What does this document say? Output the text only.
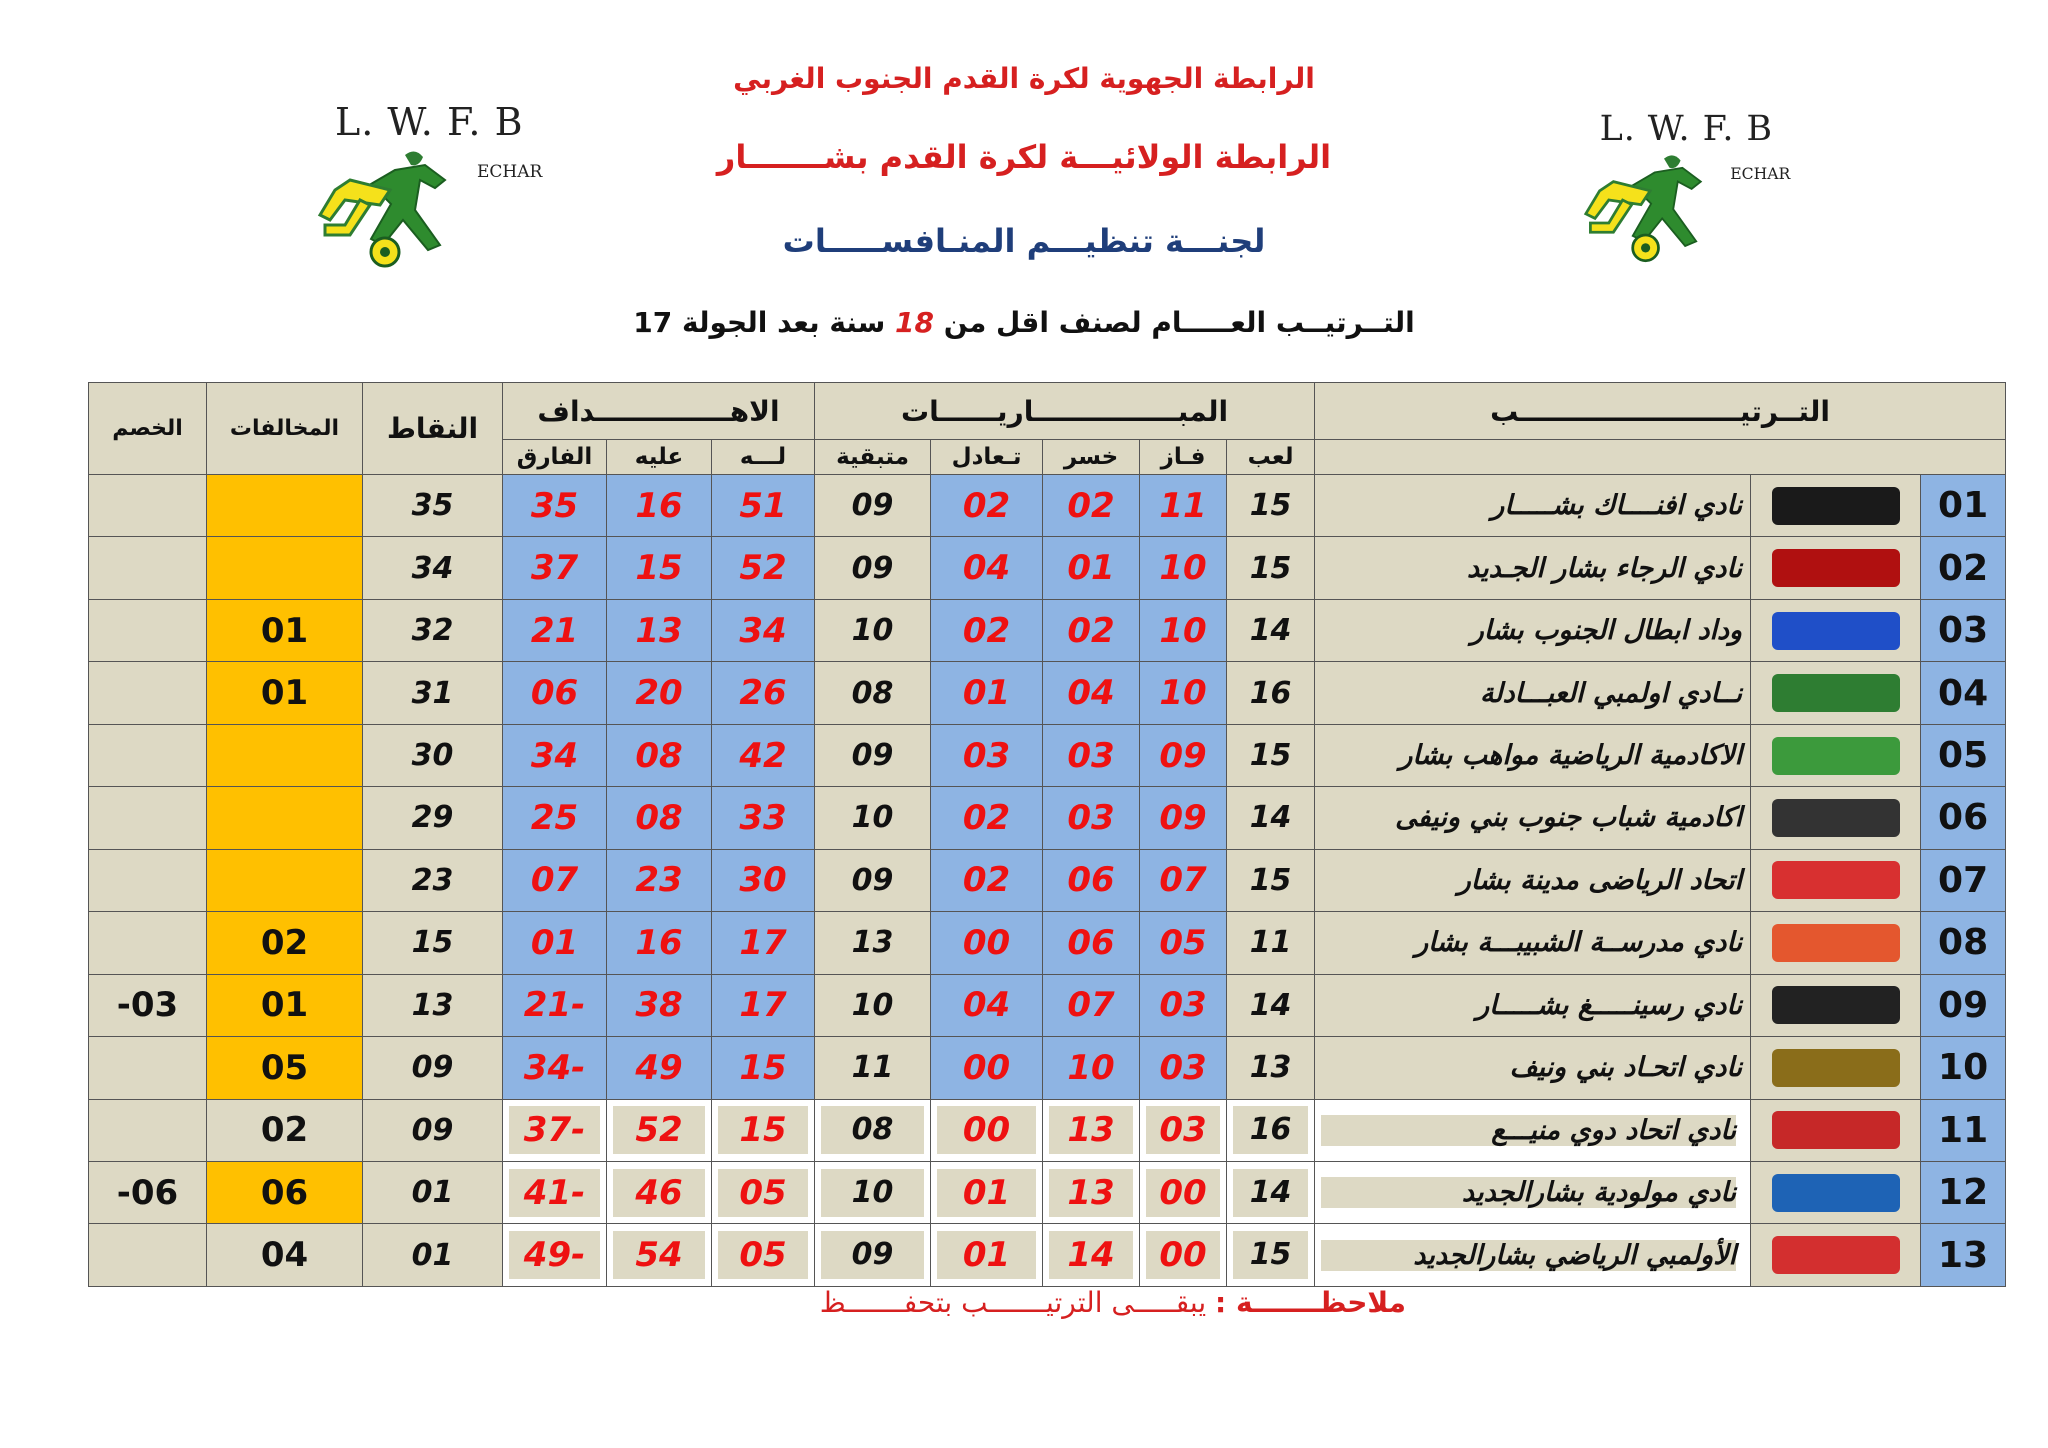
الرابطة الجهوية لكرة القدم الجنوب الغربي
الرابطة الولائيـــة لكرة القدم بشـــــــار
لجنـــة تنظيـــم المنـافســـــات
التــرتيــب العـــــام لصنف اقل من 18 سنة بعد الجولة 17
L. W. F. B
ECHAR
L. W. F. B
ECHAR
التــرتيـــــــــــــــــــــــب			المبـــــــــــــــاريــــــات					الاهــــــــــــــداف			النقاط	المخالفات	الخصم
			لعب	فـاز	خسر	تـعادل	متبقية	لـــه	عليه	الفارق			
01		نادي افنــــاك بشـــــار	15	11	02	02	09	51	16	35	35		
02		نادي الرجاء بشار الجـديد	15	10	01	04	09	52	15	37	34		
03		وداد ابطال الجنوب بشار	14	10	02	02	10	34	13	21	32	01	
04		نــادي اولمبي العبـــادلة	16	10	04	01	08	26	20	06	31	01	
05		الاكادمية الرياضية مواهب بشار	15	09	03	03	09	42	08	34	30		
06		اكادمية شباب جنوب بني ونيفى	14	09	03	02	10	33	08	25	29		
07		اتحاد الرياضى مدينة بشار	15	07	06	02	09	30	23	07	23		
08		نادي مدرســة الشبيبـــة بشار	11	05	06	00	13	17	16	01	15	02	
09		نادي رسينـــــغ بشـــــار	14	03	07	04	10	17	38	-21	13	01	-03
10		نادي اتحـاد بني ونيف	13	03	10	00	11	15	49	-34	09	05	
11		نادي اتحاد دوي منيـــع	16	03	13	00	08	15	52	-37	09	02	

12		نادي مولودية بشارالجديد	14	00	13	01	10	05	46	-41	01	06	-06
13		الأولمبي الرياضي بشارالجديد	15	00	14	01	09	05	54	-49	01	04	

ملاحظـــــــة : يبقـــــى الترتيـــــــب بتحفـــــــظ
